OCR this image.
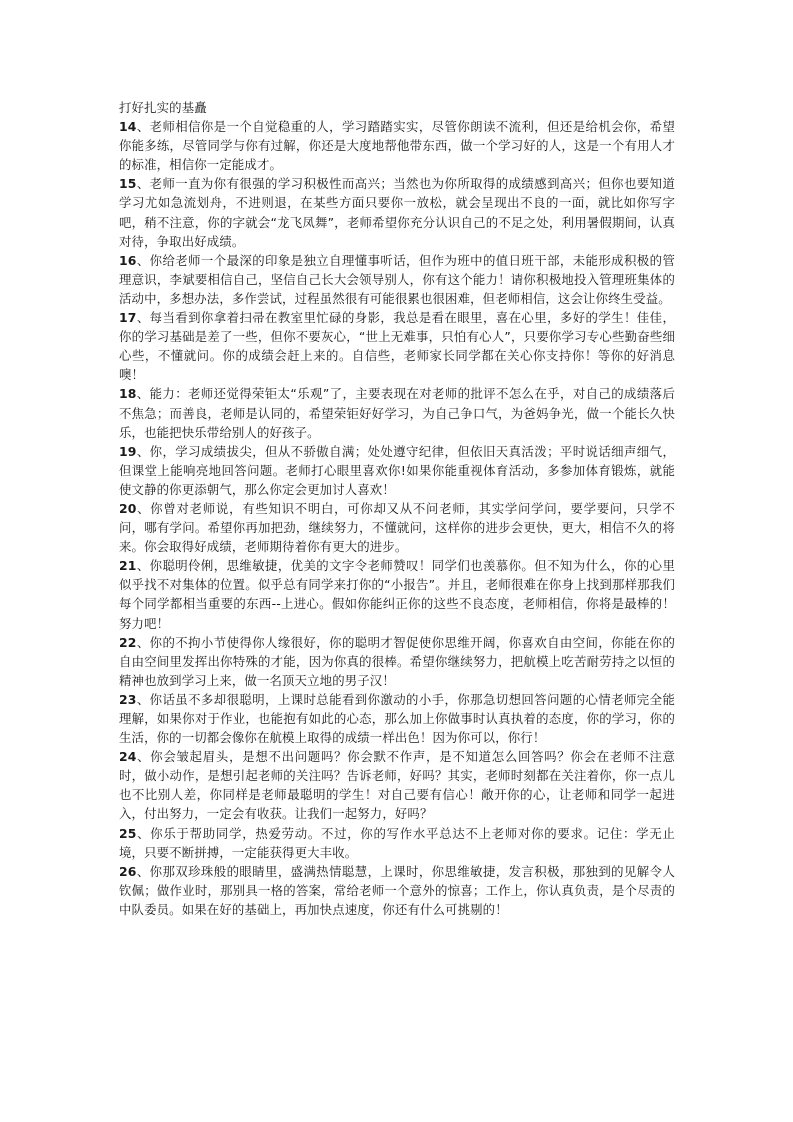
打好扎实的基矗

14、老师相信你是一个自觉稳重的人，学习踏踏实实，尽管你朗读不流利，但还是给机会你，希望你能多练，尽管同学与你有过解，你还是大度地帮他带东西，做一个学习好的人，这是一个有用人才的标准，相信你一定能成才。

15、老师一直为你有很强的学习积极性而高兴；当然也为你所取得的成绩感到高兴；但你也要知道学习尤如急流划舟，不进则退，在某些方面只要你一放松，就会呈现出不良的一面，就比如你写字吧，稍不注意，你的字就会“龙飞凤舞”，老师希望你充分认识自己的不足之处，利用暑假期间，认真对待，争取出好成绩。

16、你给老师一个最深的印象是独立自理懂事听话，但作为班中的值日班干部，未能形成积极的管理意识，李斌要相信自己，坚信自己长大会领导别人，你有这个能力！请你积极地投入管理班集体的活动中，多想办法，多作尝试，过程虽然很有可能很累也很困难，但老师相信，这会让你终生受益。

17、每当看到你拿着扫帚在教室里忙碌的身影，我总是看在眼里，喜在心里，多好的学生！佳佳，你的学习基础是差了一些，但你不要灰心，“世上无难事，只怕有心人”，只要你学习专心些勤奋些细心些，不懂就问。你的成绩会赶上来的。自信些，老师家长同学都在关心你支持你！等你的好消息噢！

18、能力：老师还觉得荣钜太“乐观”了，主要表现在对老师的批评不怎么在乎，对自己的成绩落后不焦急；而善良，老师是认同的，希望荣钜好好学习，为自己争口气，为爸妈争光，做一个能长久快乐，也能把快乐带给别人的好孩子。

19、你，学习成绩拔尖，但从不骄傲自满；处处遵守纪律，但依旧天真活泼；平时说话细声细气，但课堂上能响亮地回答问题。老师打心眼里喜欢你!如果你能重视体育活动，多参加体育锻炼，就能使文静的你更添朝气，那么你定会更加讨人喜欢！

20、你曾对老师说，有些知识不明白，可你却又从不问老师，其实学问学问，要学要问，只学不问，哪有学问。希望你再加把劲，继续努力，不懂就问，这样你的进步会更快，更大，相信不久的将来。你会取得好成绩，老师期待着你有更大的进步。

21、你聪明伶俐，思维敏捷，优美的文字令老师赞叹！同学们也羡慕你。但不知为什么，你的心里似乎找不对集体的位置。似乎总有同学来打你的“小报告”。并且，老师很难在你身上找到那样那我们每个同学都相当重要的东西--上进心。假如你能纠正你的这些不良态度，老师相信，你将是最棒的！努力吧！

22、你的不拘小节使得你人缘很好，你的聪明才智促使你思维开阔，你喜欢自由空间，你能在你的自由空间里发挥出你特殊的才能，因为你真的很棒。希望你继续努力，把航模上吃苦耐劳持之以恒的精神也放到学习上来，做一名顶天立地的男子汉！

23、你话虽不多却很聪明，上课时总能看到你激动的小手，你那急切想回答问题的心情老师完全能理解，如果你对于作业，也能抱有如此的心态，那么加上你做事时认真执着的态度，你的学习，你的生活，你的一切都会像你在航模上取得的成绩一样出色！因为你可以，你行！

24、你会皱起眉头，是想不出问题吗？你会默不作声，是不知道怎么回答吗？你会在老师不注意时，做小动作，是想引起老师的关注吗？告诉老师，好吗？其实，老师时刻都在关注着你，你一点儿也不比别人差，你同样是老师最聪明的学生！对自己要有信心！敞开你的心，让老师和同学一起进入，付出努力，一定会有收获。让我们一起努力，好吗？

25、你乐于帮助同学，热爱劳动。不过，你的写作水平总达不上老师对你的要求。记住：学无止境，只要不断拼搏，一定能获得更大丰收。

26、你那双珍珠般的眼睛里，盛满热情聪慧，上课时，你思维敏捷，发言积极，那独到的见解令人钦佩；做作业时，那别具一格的答案，常给老师一个意外的惊喜；工作上，你认真负责，是个尽责的中队委员。如果在好的基础上，再加快点速度，你还有什么可挑剔的！
